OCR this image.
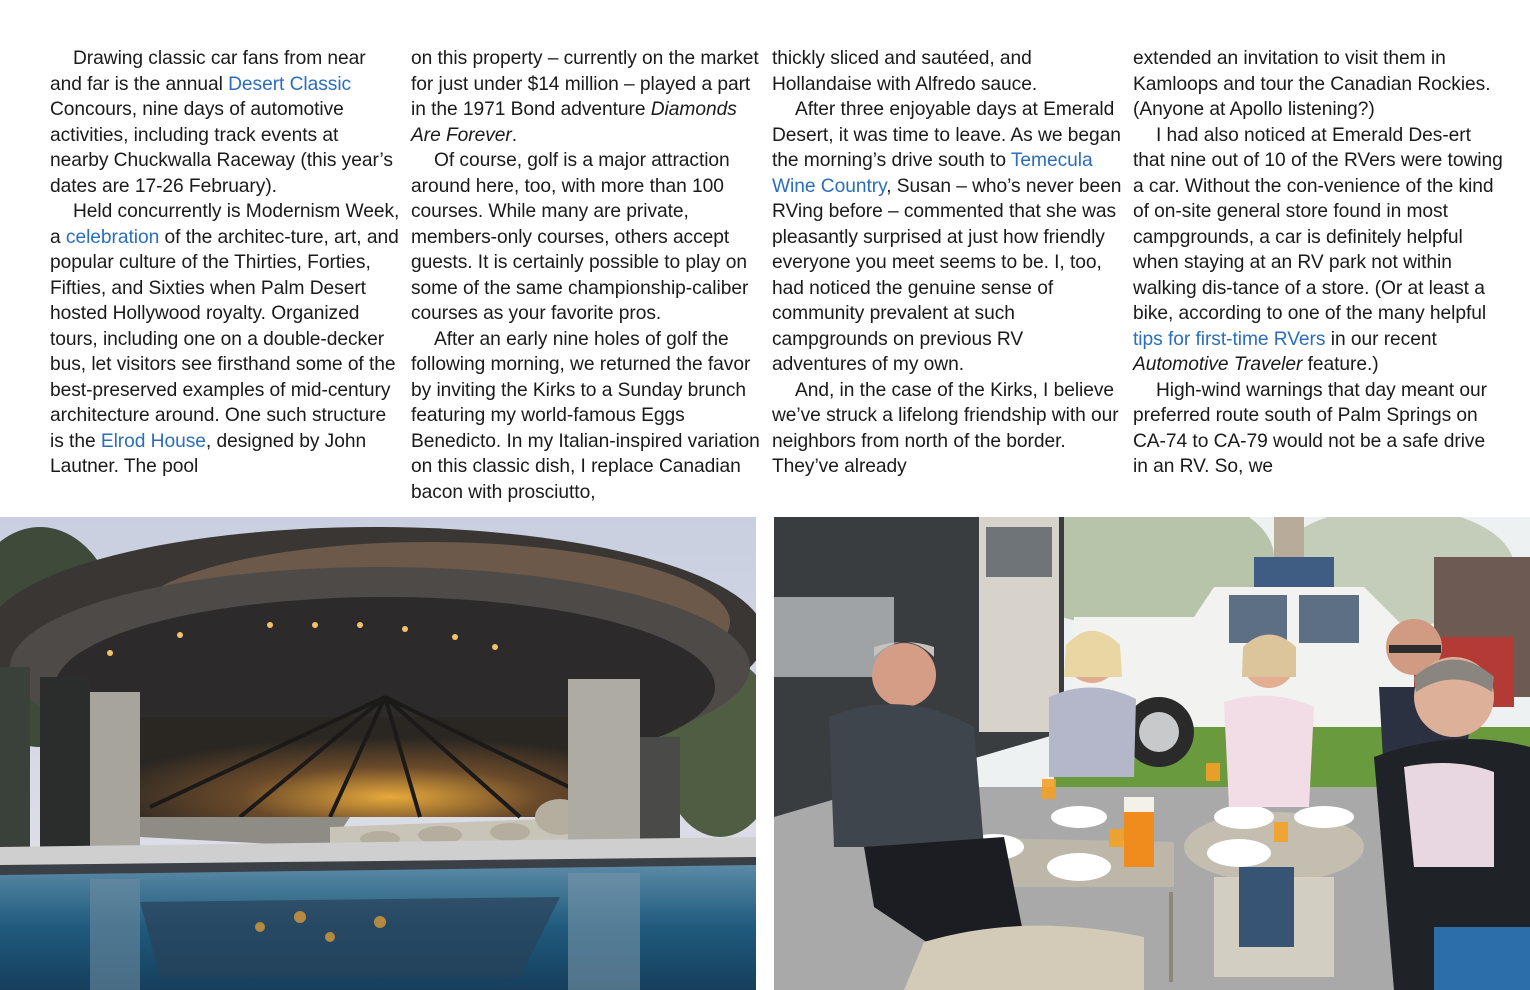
Drawing classic car fans from near and far is the annual Desert Classic Concours, nine days of automotive activities, including track events at nearby Chuckwalla Raceway (this year’s dates are 17-26 February).

Held concurrently is Modernism Week, a celebration of the architec-ture, art, and popular culture of the Thirties, Forties, Fifties, and Sixties when Palm Desert hosted Hollywood royalty. Organized tours, including one on a double-decker bus, let visitors see firsthand some of the best-preserved examples of mid-century architecture around. One such structure is the Elrod House, designed by John Lautner. The pool

on this property – currently on the market for just under $14 million – played a part in the 1971 Bond adventure Diamonds Are Forever.

Of course, golf is a major attraction around here, too, with more than 100 courses. While many are private, members-only courses, others accept guests. It is certainly possible to play on some of the same championship-caliber courses as your favorite pros.

After an early nine holes of golf the following morning, we returned the favor by inviting the Kirks to a Sunday brunch featuring my world-famous Eggs Benedicto. In my Italian-inspired variation on this classic dish, I replace Canadian bacon with prosciutto,

thickly sliced and sautéed, and Hollandaise with Alfredo sauce.

After three enjoyable days at Emerald Desert, it was time to leave. As we began the morning’s drive south to Temecula Wine Country, Susan – who’s never been RVing before – commented that she was pleasantly surprised at just how friendly everyone you meet seems to be. I, too, had noticed the genuine sense of community prevalent at such campgrounds on previous RV adventures of my own.

And, in the case of the Kirks, I believe we’ve struck a lifelong friendship with our neighbors from north of the border. They’ve already

extended an invitation to visit them in Kamloops and tour the Canadian Rockies. (Anyone at Apollo listening?)

I had also noticed at Emerald Des-ert that nine out of 10 of the RVers were towing a car. Without the con-venience of the kind of on-site general store found in most campgrounds, a car is definitely helpful when staying at an RV park not within walking dis-tance of a store. (Or at least a bike, according to one of the many helpful tips for first-time RVers in our recent Automotive Traveler feature.)

High-wind warnings that day meant our preferred route south of Palm Springs on CA-74 to CA-79 would not be a safe drive in an RV. So, we
